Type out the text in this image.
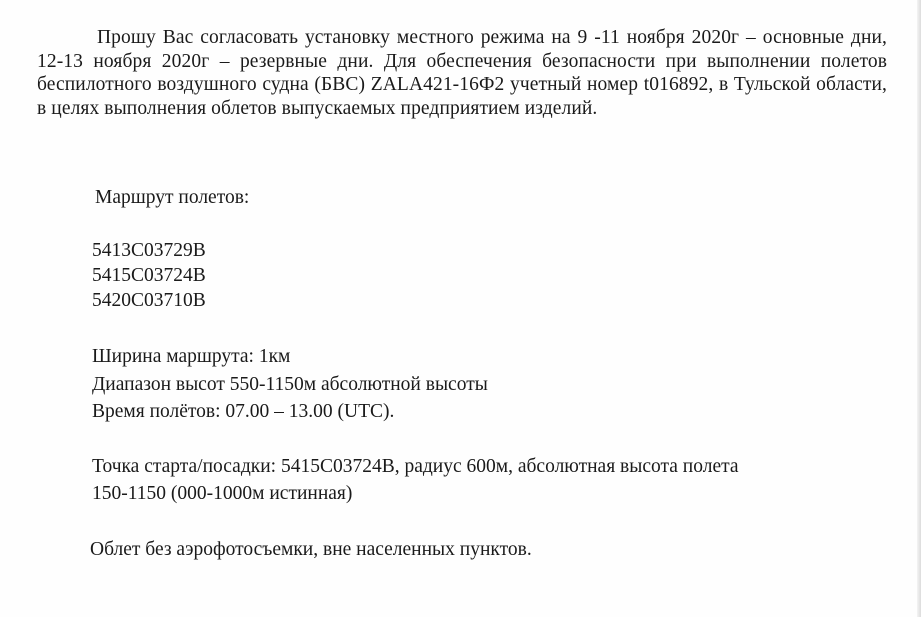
Прошу Вас согласовать установку местного режима на 9 -11 ноября 2020г – основные дни, 12-13 ноября 2020г – резервные дни. Для обеспечения безопасности при выполнении полетов беспилотного воздушного судна (БВС) ZALA421-16Ф2 учетный номер t016892, в Тульской области, в целях выполнения облетов выпускаемых предприятием изделий.

Маршрут полетов:

5413С03729В
5415С03724В
5420С03710В

Ширина маршрута: 1км

Диапазон высот 550-1150м абсолютной высоты

Время полётов: 07.00 – 13.00 (UTC).

Точка старта/посадки: 5415С03724В, радиус 600м, абсолютная высота полета

150-1150 (000-1000м истинная)

Облет без аэрофотосъемки, вне населенных пунктов.
